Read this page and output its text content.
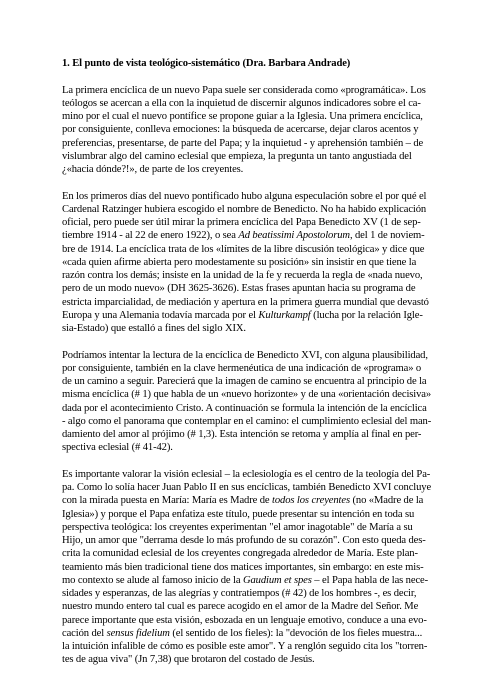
1. El punto de vista teológico-sistemático (Dra. Barbara Andrade)
La primera encíclica de un nuevo Papa suele ser considerada como «programática». Los
teólogos se acercan a ella con la inquietud de discernir algunos indicadores sobre el ca-
mino por el cual el nuevo pontífice se propone guiar a la Iglesia. Una primera encíclica,
por consiguiente, conlleva emociones: la búsqueda de acercarse, dejar claros acentos y
preferencias, presentarse, de parte del Papa; y la inquietud - y aprehensión también – de
vislumbrar algo del camino eclesial que empieza, la pregunta un tanto angustiada del
¿«hacia dónde?!», de parte de los creyentes.
En los primeros días del nuevo pontificado hubo alguna especulación sobre el por qué el
Cardenal Ratzinger hubiera escogido el nombre de Benedicto. No ha habido explicación
oficial, pero puede ser útil mirar la primera encíclica del Papa Benedicto XV (1 de sep-
tiembre 1914 - al 22 de enero 1922), o sea Ad beatissimi Apostolorum, del 1 de noviem-
bre de 1914. La encíclica trata de los «límites de la libre discusión teológica» y dice que
«cada quien afirme abierta pero modestamente su posición» sin insistir en que tiene la
razón contra los demás; insiste en la unidad de la fe y recuerda la regla de «nada nuevo,
pero de un modo nuevo» (DH 3625-3626). Estas frases apuntan hacia su programa de
estricta imparcialidad, de mediación y apertura en la primera guerra mundial que devastó
Europa y una Alemania todavía marcada por el Kulturkampf (lucha por la relación Igle-
sia-Estado) que estalló a fines del siglo XIX.
Podríamos intentar la lectura de la encíclica de Benedicto XVI, con alguna plausibilidad,
por consiguiente, también en la clave hermenéutica de una indicación de «programa» o
de un camino a seguir. Parecierá que la imagen de camino se encuentra al principio de la
misma encíclica (# 1) que habla de un «nuevo horizonte» y de una «orientación decisiva»
dada por el acontecimiento Cristo. A continuación se formula la intención de la encíclica
- algo como el panorama que contemplar en el camino: el cumplimiento eclesial del man-
damiento del amor al prójimo (# 1,3). Esta intención se retoma y amplía al final en per-
spectiva eclesial (# 41-42).
Es importante valorar la visión eclesial – la eclesiología es el centro de la teología del Pa-
pa. Como lo solía hacer Juan Pablo II en sus encíclicas, también Benedicto XVI concluye
con la mirada puesta en María: María es Madre de todos los creyentes (no «Madre de la
Iglesia») y porque el Papa enfatiza este título, puede presentar su intención en toda su
perspectiva teológica: los creyentes experimentan "el amor inagotable" de María a su
Hijo, un amor que "derrama desde lo más profundo de su corazón". Con esto queda des-
crita la comunidad eclesial de los creyentes congregada alrededor de María. Este plan-
teamiento más bien tradicional tiene dos matices importantes, sin embargo: en este mis-
mo contexto se alude al famoso inicio de la Gaudium et spes – el Papa habla de las nece-
sidades y esperanzas, de las alegrías y contratiempos (# 42) de los hombres -, es decir,
nuestro mundo entero tal cual es parece acogido en el amor de la Madre del Señor. Me
parece importante que esta visión, esbozada en un lenguaje emotivo, conduce a una evo-
cación del sensus fidelium (el sentido de los fieles): la "devoción de los fieles muestra...
la intuición infalible de cómo es posible este amor". Y a renglón seguido cita los "torren-
tes de agua viva" (Jn 7,38) que brotaron del costado de Jesús.
